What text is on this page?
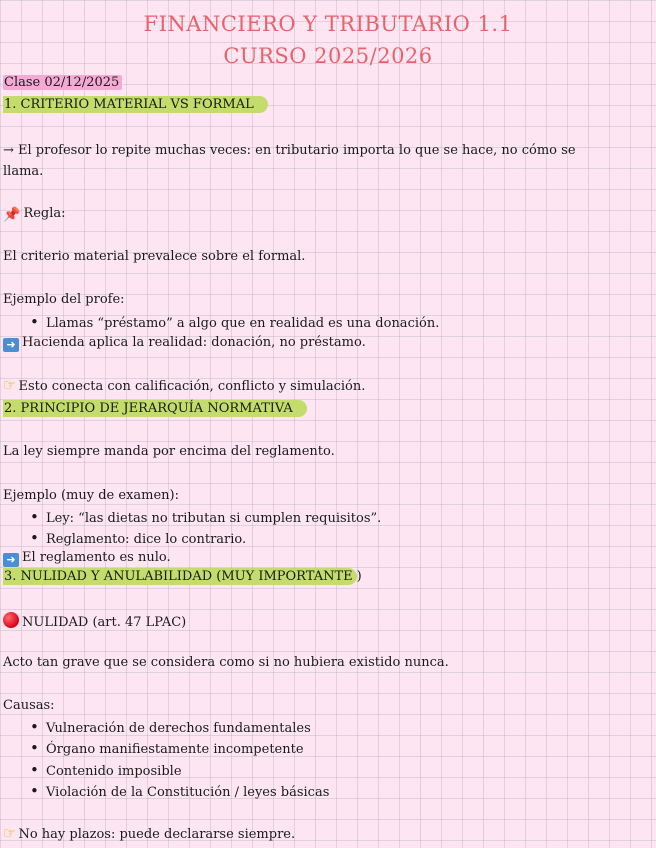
FINANCIERO Y TRIBUTARIO 1.1
CURSO 2025/2026
Clase 02/12/2025
1. CRITERIO MATERIAL VS FORMAL
→ El profesor lo repite muchas veces: en tributario importa lo que se hace, no cómo se
llama.
📌 Regla:
El criterio material prevalece sobre el formal.
Ejemplo del profe:
• Llamas “préstamo” a algo que en realidad es una donación.
➜ Hacienda aplica la realidad: donación, no préstamo.
☞ Esto conecta con calificación, conflicto y simulación.
2. PRINCIPIO DE JERARQUÍA NORMATIVA
La ley siempre manda por encima del reglamento.
Ejemplo (muy de examen):
• Ley: “las dietas no tributan si cumplen requisitos”.
• Reglamento: dice lo contrario.
➜ El reglamento es nulo.
3. NULIDAD Y ANULABILIDAD (MUY IMPORTANTE )
NULIDAD (art. 47 LPAC)
Acto tan grave que se considera como si no hubiera existido nunca.
Causas:
• Vulneración de derechos fundamentales
• Órgano manifiestamente incompetente
• Contenido imposible
• Violación de la Constitución / leyes básicas
☞ No hay plazos: puede declararse siempre.
